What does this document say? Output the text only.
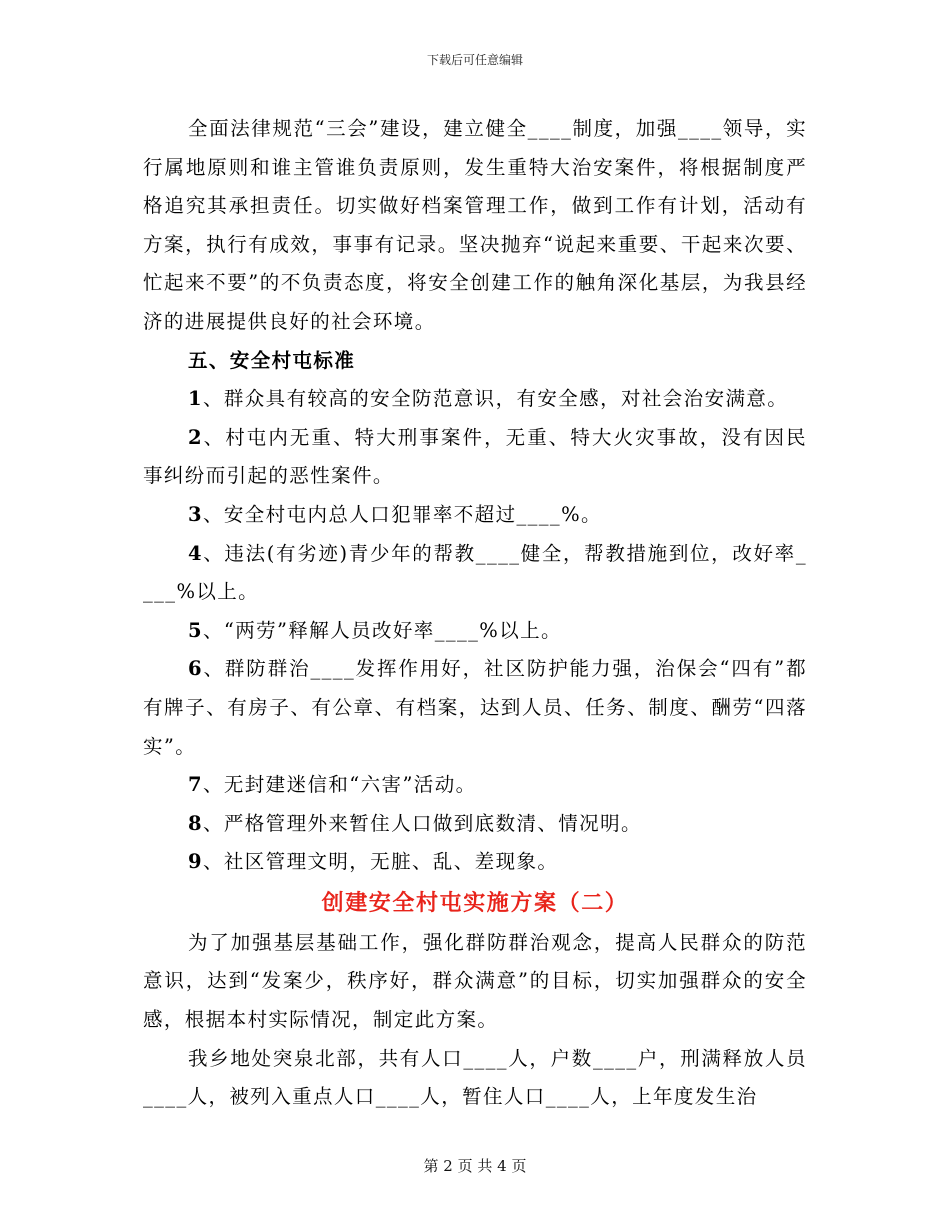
下载后可任意编辑

全面法律规范“三会”建设，建立健全____制度，加强____领导，实行属地原则和谁主管谁负责原则，发生重特大治安案件，将根据制度严格追究其承担责任。切实做好档案管理工作，做到工作有计划，活动有方案，执行有成效，事事有记录。坚决抛弃“说起来重要、干起来次要、忙起来不要”的不负责态度，将安全创建工作的触角深化基层，为我县经济的进展提供良好的社会环境。

五、安全村屯标准

1、群众具有较高的安全防范意识，有安全感，对社会治安满意。

2、村屯内无重、特大刑事案件，无重、特大火灾事故，没有因民事纠纷而引起的恶性案件。

3、安全村屯内总人口犯罪率不超过____%。

4、违法(有劣迹)青少年的帮教____健全，帮教措施到位，改好率____%以上。

5、“两劳”释解人员改好率____%以上。

6、群防群治____发挥作用好，社区防护能力强，治保会“四有”都有牌子、有房子、有公章、有档案，达到人员、任务、制度、酬劳“四落实”。

7、无封建迷信和“六害”活动。

8、严格管理外来暂住人口做到底数清、情况明。

9、社区管理文明，无脏、乱、差现象。

创建安全村屯实施方案（二）

为了加强基层基础工作，强化群防群治观念，提高人民群众的防范意识，达到“发案少，秩序好，群众满意”的目标，切实加强群众的安全感，根据本村实际情况，制定此方案。

我乡地处突泉北部，共有人口____人，户数____户，刑满释放人员____人，被列入重点人口____人，暂住人口____人，上年度发生治

第 2 页 共 4 页
